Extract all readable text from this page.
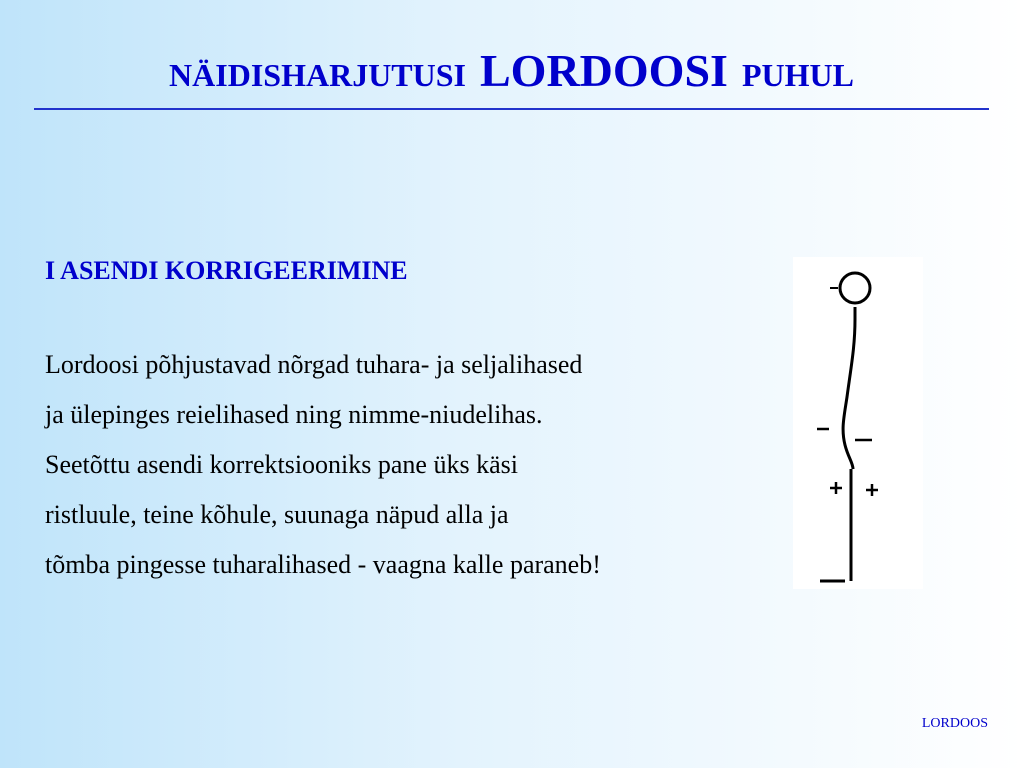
NÄIDISHARJUTUSI LORDOOSI PUHUL
I ASENDI KORRIGEERIMINE
Lordoosi põhjustavad nõrgad tuhara- ja seljalihased
ja ülepinges reielihased ning nimme-niudelihas.
Seetõttu asendi korrektsiooniks pane üks käsi
ristluule, teine kõhule, suunaga näpud alla ja
tõmba pingesse tuharalihased - vaagna kalle paraneb!
LORDOOS
